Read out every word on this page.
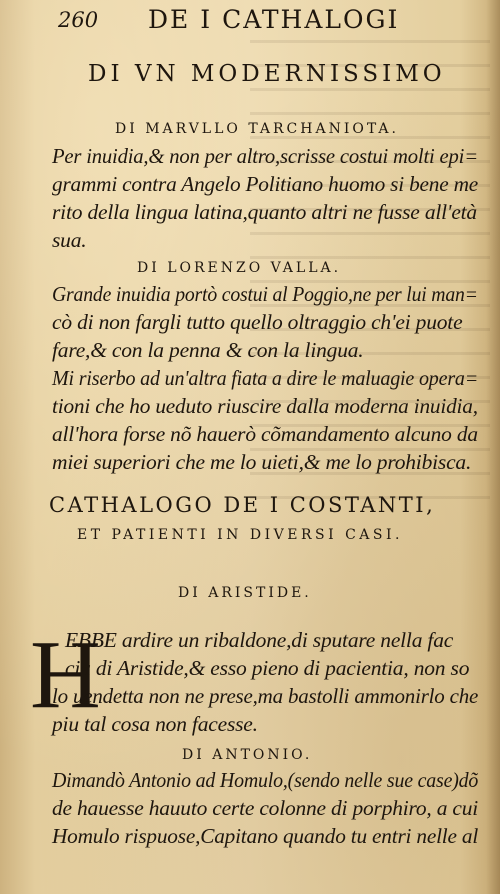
260 DE I CATHALOGI
DI VN MODERNISSIMO
DI MARVLLO TARCHANIOTA.
Per inuidia,& non per altro,scrisse costui molti epi=
grammi contra Angelo Politiano huomo si bene me
rito della lingua latina,quanto altri ne fusse all'età
sua.
DI LORENZO VALLA.
Grande inuidia portò costui al Poggio,ne per lui man=
cò di non fargli tutto quello oltraggio ch'ei puote
fare,& con la penna & con la lingua.
Mi riserbo ad un'altra fiata a dire le maluagie opera=
tioni che ho ueduto riuscire dalla moderna inuidia,
all'hora forse nõ hauerò cõmandamento alcuno da
miei superiori che me lo uieti,& me lo prohibisca.
CATHALOGO DE I COSTANTI,
ET PATIENTI IN DIVERSI CASI.
DI ARISTIDE.
H
EBBE ardire un ribaldone,di sputare nella fac
cia di Aristide,& esso pieno di pacientia, non so
lo uendetta non ne prese,ma bastolli ammonirlo che
piu tal cosa non facesse.
DI ANTONIO.
Dimandò Antonio ad Homulo,(sendo nelle sue case)dõ
de hauesse hauuto certe colonne di porphiro, a cui
Homulo rispuose,Capitano quando tu entri nelle al
